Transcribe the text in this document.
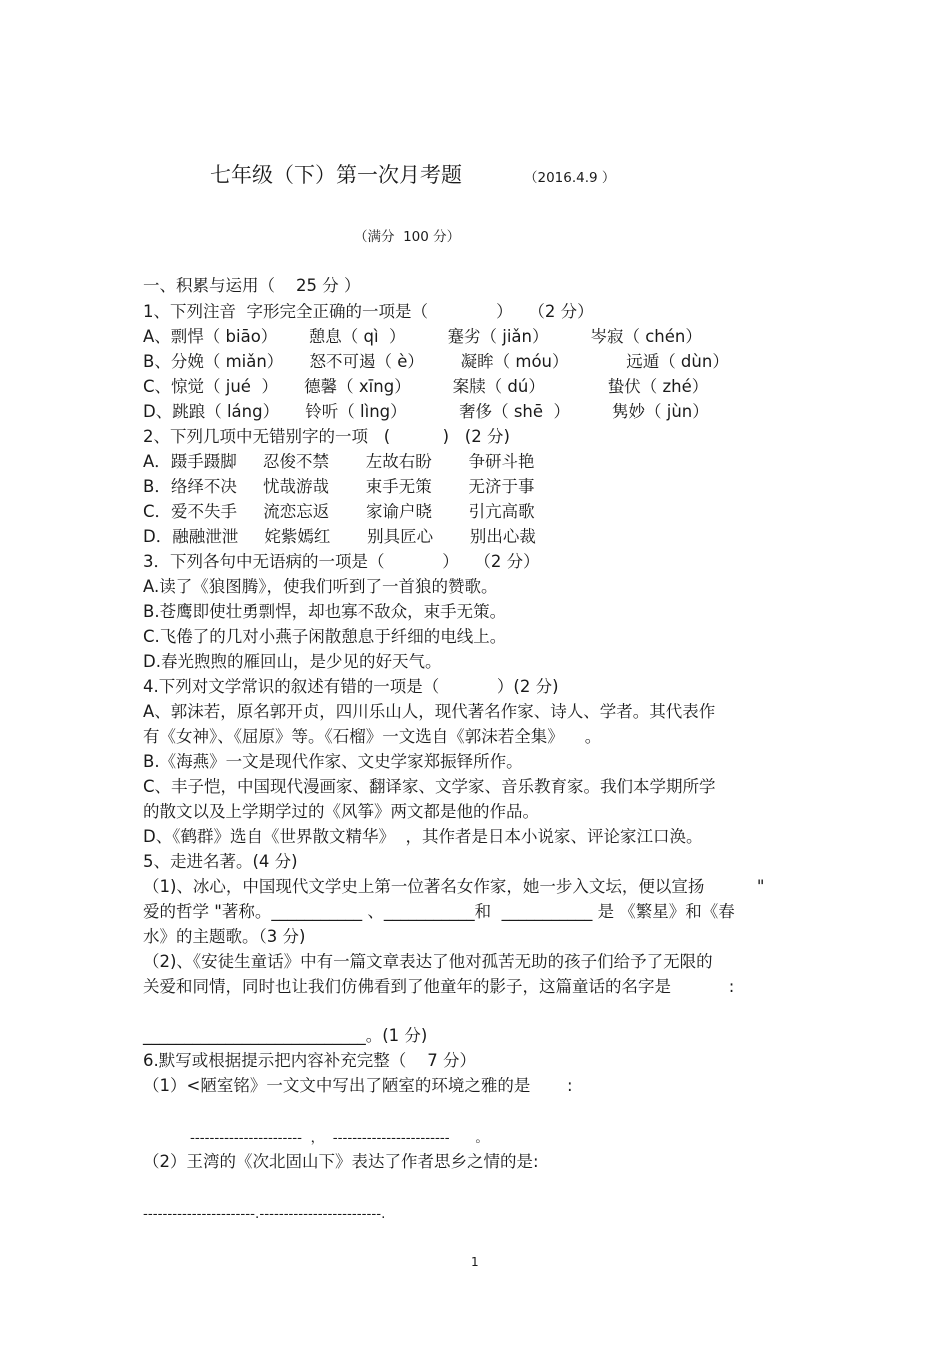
七年级（下）第一次月考题	（2016.4.9 ）
（满分  100 分）
一、积累与运用（    25 分 ）
1、下列注音  字形完全正确的一项是（             ）   （2 分）
A、剽悍（ biāo）      憩息（ qì  ）        蹇劣（ jiǎn）        岑寂（ chén）
B、分娩（ miǎn）     怒不可遏（ è）       凝眸（ móu）           远遁（ dùn）
C、惊觉（ jué  ）     德馨（ xīng）        案牍（ dú）            蛰伏（ zhé）
D、跳踉（ láng）     铃听（ lìng）          奢侈（ shē  ）        隽妙（ jùn）
2、下列几项中无错别字的一项   (          )   (2 分)
A．蹑手蹑脚     忍俊不禁       左故右盼       争研斗艳
B．络绎不决     忧哉游哉       束手无策       无济于事
C．爱不失手     流恋忘返       家谕户晓       引亢高歌
D．融融泄泄     姹紫嫣红       别具匠心       别出心裁
3．下列各句中无语病的一项是（           ）   （2 分）
A.读了《狼图腾》，使我们听到了一首狼的赞歌。
B.苍鹰即使壮勇剽悍，却也寡不敌众，束手无策。
C.飞倦了的几对小燕子闲散憩息于纤细的电线上。
D.春光煦煦的雁回山，是少见的好天气。
4.下列对文学常识的叙述有错的一项是（           ）(2 分)
A、郭沫若，原名郭开贞，四川乐山人，现代著名作家、诗人、学者。其代表作
有《女神》、《屈原》等。《石榴》一文选自《郭沫若全集》    。
B.《海燕》一文是现代作家、文史学家郑振铎所作。
C、丰子恺，中国现代漫画家、翻译家、文学家、音乐教育家。我们本学期所学
的散文以及上学期学过的《风筝》两文都是他的作品。
D、《鹤群》选自《世界散文精华》  ，其作者是日本小说家、评论家江口涣。
5、走进名著。(4 分)
（1)、冰心，中国现代文学史上第一位著名女作家，她一步入文坛，便以宣扬          "
爱的哲学 "著称。___________ 、___________和  ___________ 是 《繁星》和《春
水》的主题歌。（3 分)
（2)、《安徒生童话》中有一篇文章表达了他对孤苦无助的孩子们给予了无限的
关爱和同情，同时也让我们仿佛看到了他童年的影子，这篇童话的名字是           :
___________________________。(1 分)
6.默写或根据提示把内容补充完整（    7 分）
（1）<陋室铭》一文文中写出了陋室的环境之雅的是       :
-----------------------  ，  ------------------------      。
（2）王湾的《次北固山下》表达了作者思乡之情的是:
-----------------------.-------------------------.
1
